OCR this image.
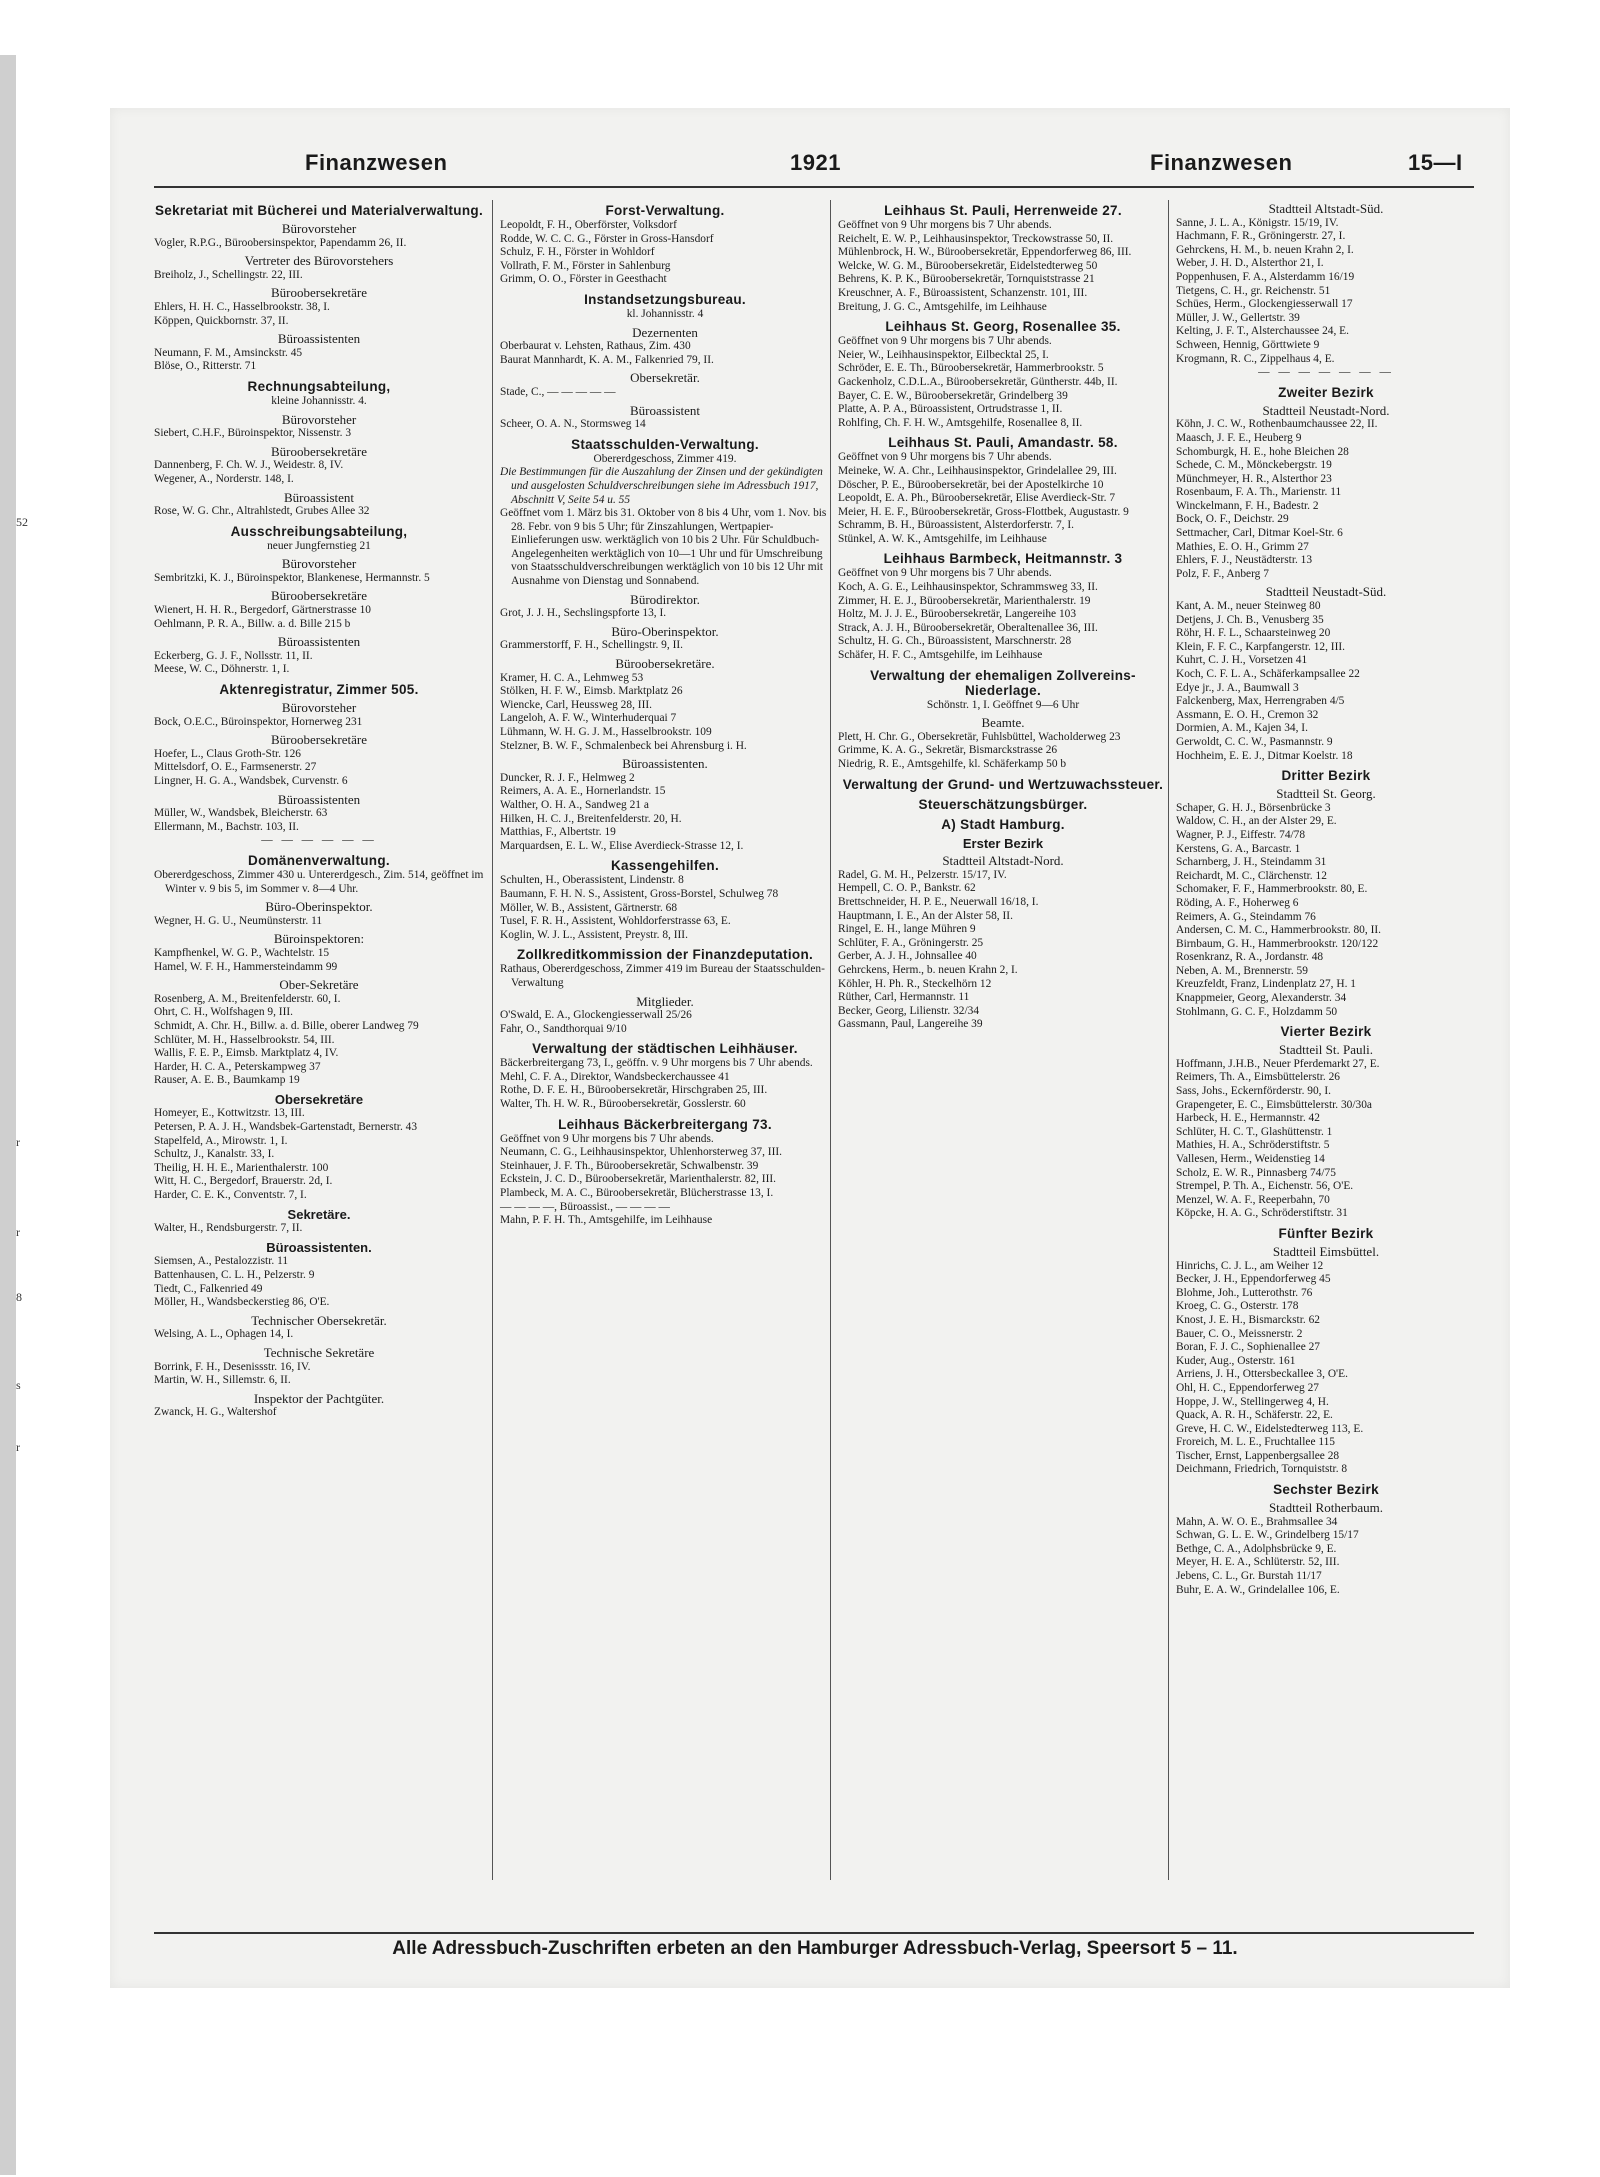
52
r
r
8
s
r
Finanzwesen	1921	Finanzwesen	15—I

Sekretariat mit Bücherei und Materialverwaltung.

Bürovorsteher

Vogler, R.P.G., Büroobersinspektor, Papendamm 26, II.

Vertreter des Bürovorstehers

Breiholz, J., Schellingstr. 22, III.

Büroobersekretäre

Ehlers, H. H. C., Hasselbrookstr. 38, I.

Köppen, Quickbornstr. 37, II.

Büroassistenten

Neumann, F. M., Amsinckstr. 45

Blöse, O., Ritterstr. 71

Rechnungsabteilung,

kleine Johannisstr. 4.

Bürovorsteher

Siebert, C.H.F., Büroinspektor, Nissenstr. 3

Büroobersekretäre

Dannenberg, F. Ch. W. J., Weidestr. 8, IV.

Wegener, A., Norderstr. 148, I.

Büroassistent

Rose, W. G. Chr., Altrahlstedt, Grubes Allee 32

Ausschreibungsabteilung,

neuer Jungfernstieg 21

Bürovorsteher

Sembritzki, K. J., Büroinspektor, Blankenese, Hermannstr. 5

Büroobersekretäre

Wienert, H. H. R., Bergedorf, Gärtnerstrasse 10

Oehlmann, P. R. A., Billw. a. d. Bille 215 b

Büroassistenten

Eckerberg, G. J. F., Nollsstr. 11, II.

Meese, W. C., Döhnerstr. 1, I.

Aktenregistratur, Zimmer 505.

Bürovorsteher

Bock, O.E.C., Büroinspektor, Hornerweg 231

Büroobersekretäre

Hoefer, L., Claus Groth-Str. 126

Mittelsdorf, O. E., Farmsenerstr. 27

Lingner, H. G. A., Wandsbek, Curvenstr. 6

Büroassistenten

Müller, W., Wandsbek, Bleicherstr. 63

Ellermann, M., Bachstr. 103, II.

— — — — — —

Domänenverwaltung.

Obererdgeschoss, Zimmer 430 u. Untererdgesch., Zim. 514, geöffnet im Winter v. 9 bis 5, im Sommer v. 8—4 Uhr.

Büro-Oberinspektor.

Wegner, H. G. U., Neumünsterstr. 11

Büroinspektoren:

Kampfhenkel, W. G. P., Wachtelstr. 15

Hamel, W. F. H., Hammersteindamm 99

Ober-Sekretäre

Rosenberg, A. M., Breitenfelderstr. 60, I.

Ohrt, C. H., Wolfshagen 9, III.

Schmidt, A. Chr. H., Billw. a. d. Bille, oberer Landweg 79

Schlüter, M. H., Hasselbrookstr. 54, III.

Wallis, F. E. P., Eimsb. Marktplatz 4, IV.

Harder, H. C. A., Peterskampweg 37

Rauser, A. E. B., Baumkamp 19

Obersekretäre

Homeyer, E., Kottwitzstr. 13, III.

Petersen, P. A. J. H., Wandsbek-Gartenstadt, Bernerstr. 43

Stapelfeld, A., Mirowstr. 1, I.

Schultz, J., Kanalstr. 33, I.

Theilig, H. H. E., Marienthalerstr. 100

Witt, H. C., Bergedorf, Brauerstr. 2d, I.

Harder, C. E. K., Conventstr. 7, I.

Sekretäre.

Walter, H., Rendsburgerstr. 7, II.

Büroassistenten.

Siemsen, A., Pestalozzistr. 11

Battenhausen, C. L. H., Pelzerstr. 9

Tiedt, C., Falkenried 49

Möller, H., Wandsbeckerstieg 86, O'E.

Technischer Obersekretär.

Welsing, A. L., Ophagen 14, I.

Technische Sekretäre

Borrink, F. H., Desenissstr. 16, IV.

Martin, W. H., Sillemstr. 6, II.

Inspektor der Pachtgüter.

Zwanck, H. G., Waltershof

Forst-Verwaltung.

Leopoldt, F. H., Oberförster, Volksdorf

Rodde, W. C. C. G., Förster in Gross-Hansdorf

Schulz, F. H., Förster in Wohldorf

Vollrath, F. M., Förster in Sahlenburg

Grimm, O. O., Förster in Geesthacht

Instandsetzungsbureau.

kl. Johannisstr. 4

Dezernenten

Oberbaurat v. Lehsten, Rathaus, Zim. 430

Baurat Mannhardt, K. A. M., Falkenried 79, II.

Obersekretär.

Stade, C., — — — — —

Büroassistent

Scheer, O. A. N., Stormsweg 14

Staatsschulden-Verwaltung.

Obererdgeschoss, Zimmer 419.

Die Bestimmungen für die Auszahlung der Zinsen und der gekündigten und ausgelosten Schuldverschreibungen siehe im Adressbuch 1917, Abschnitt V, Seite 54 u. 55

Geöffnet vom 1. März bis 31. Oktober von 8 bis 4 Uhr, vom 1. Nov. bis 28. Febr. von 9 bis 5 Uhr; für Zinszahlungen, Wertpapier-Einlieferungen usw. werktäglich von 10 bis 2 Uhr. Für Schuldbuch-Angelegenheiten werktäglich von 10—1 Uhr und für Umschreibung von Staatsschuldverschreibungen werktäglich von 10 bis 12 Uhr mit Ausnahme von Dienstag und Sonnabend.

Bürodirektor.

Grot, J. J. H., Sechslingspforte 13, I.

Büro-Oberinspektor.

Grammerstorff, F. H., Schellingstr. 9, II.

Büroobersekretäre.

Kramer, H. C. A., Lehmweg 53

Stölken, H. F. W., Eimsb. Marktplatz 26

Wiencke, Carl, Heussweg 28, III.

Langeloh, A. F. W., Winterhuderquai 7

Lühmann, W. H. G. J. M., Hasselbrookstr. 109

Stelzner, B. W. F., Schmalenbeck bei Ahrensburg i. H.

Büroassistenten.

Duncker, R. J. F., Helmweg 2

Reimers, A. A. E., Hornerlandstr. 15

Walther, O. H. A., Sandweg 21 a

Hilken, H. C. J., Breitenfelderstr. 20, H.

Matthias, F., Albertstr. 19

Marquardsen, E. L. W., Elise Averdieck-Strasse 12, I.

Kassengehilfen.

Schulten, H., Oberassistent, Lindenstr. 8

Baumann, F. H. N. S., Assistent, Gross-Borstel, Schulweg 78

Möller, W. B., Assistent, Gärtnerstr. 68

Tusel, F. R. H., Assistent, Wohldorferstrasse 63, E.

Koglin, W. J. L., Assistent, Preystr. 8, III.

Zollkreditkommission der Finanzdeputation.

Rathaus, Obererdgeschoss, Zimmer 419 im Bureau der Staatsschulden-Verwaltung

Mitglieder.

O'Swald, E. A., Glockengiesserwall 25/26

Fahr, O., Sandthorquai 9/10

Verwaltung der städtischen Leihhäuser.

Bäckerbreitergang 73, I., geöffn. v. 9 Uhr morgens bis 7 Uhr abends.

Mehl, C. F. A., Direktor, Wandsbeckerchaussee 41

Rothe, D. F. E. H., Büroobersekretär, Hirschgraben 25, III.

Walter, Th. H. W. R., Büroobersekretär, Gosslerstr. 60

Leihhaus Bäckerbreitergang 73.

Geöffnet von 9 Uhr morgens bis 7 Uhr abends.

Neumann, C. G., Leihhausinspektor, Uhlenhorsterweg 37, III.

Steinhauer, J. F. Th., Büroobersekretär, Schwalbenstr. 39

Eckstein, J. C. D., Büroobersekretär, Marienthalerstr. 82, III.

Plambeck, M. A. C., Büroobersekretär, Blücherstrasse 13, I.

— — — —, Büroassist., — — — —

Mahn, P. F. H. Th., Amtsgehilfe, im Leihhause

Leihhaus St. Pauli, Herrenweide 27.

Geöffnet von 9 Uhr morgens bis 7 Uhr abends.

Reichelt, E. W. P., Leihhausinspektor, Treckowstrasse 50, II.

Mühlenbrock, H. W., Büroobersekretär, Eppendorferweg 86, III.

Welcke, W. G. M., Büroobersekretär, Eidelstedterweg 50

Behrens, K. P. K., Büroobersekretär, Tornquiststrasse 21

Kreuschner, A. F., Büroassistent, Schanzenstr. 101, III.

Breitung, J. G. C., Amtsgehilfe, im Leihhause

Leihhaus St. Georg, Rosenallee 35.

Geöffnet von 9 Uhr morgens bis 7 Uhr abends.

Neier, W., Leihhausinspektor, Eilbecktal 25, I.

Schröder, E. E. Th., Büroobersekretär, Hammerbrookstr. 5

Gackenholz, C.D.L.A., Büroobersekretär, Güntherstr. 44b, II.

Bayer, C. E. W., Büroobersekretär, Grindelberg 39

Platte, A. P. A., Büroassistent, Ortrudstrasse 1, II.

Rohlfing, Ch. F. H. W., Amtsgehilfe, Rosenallee 8, II.

Leihhaus St. Pauli, Amandastr. 58.

Geöffnet von 9 Uhr morgens bis 7 Uhr abends.

Meineke, W. A. Chr., Leihhausinspektor, Grindelallee 29, III.

Döscher, P. E., Büroobersekretär, bei der Apostelkirche 10

Leopoldt, E. A. Ph., Büroobersekretär, Elise Averdieck-Str. 7

Meier, H. E. F., Büroobersekretär, Gross-Flottbek, Augustastr. 9

Schramm, B. H., Büroassistent, Alsterdorferstr. 7, I.

Stünkel, A. W. K., Amtsgehilfe, im Leihhause

Leihhaus Barmbeck, Heitmannstr. 3

Geöffnet von 9 Uhr morgens bis 7 Uhr abends.

Koch, A. G. E., Leihhausinspektor, Schrammsweg 33, II.

Zimmer, H. E. J., Büroobersekretär, Marienthalerstr. 19

Holtz, M. J. J. E., Büroobersekretär, Langereihe 103

Strack, A. J. H., Büroobersekretär, Oberaltenallee 36, III.

Schultz, H. G. Ch., Büroassistent, Marschnerstr. 28

Schäfer, H. F. C., Amtsgehilfe, im Leihhause

Verwaltung der ehemaligen Zollvereins-Niederlage.

Schönstr. 1, I. Geöffnet 9—6 Uhr

Beamte.

Plett, H. Chr. G., Obersekretär, Fuhlsbüttel, Wacholderweg 23

Grimme, K. A. G., Sekretär, Bismarckstrasse 26

Niedrig, R. E., Amtsgehilfe, kl. Schäferkamp 50 b

Verwaltung der Grund- und Wertzuwachssteuer.

Steuerschätzungsbürger.

A) Stadt Hamburg.

Erster Bezirk

Stadtteil Altstadt-Nord.

Radel, G. M. H., Pelzerstr. 15/17, IV.

Hempell, C. O. P., Bankstr. 62

Brettschneider, H. P. E., Neuerwall 16/18, I.

Hauptmann, I. E., An der Alster 58, II.

Ringel, E. H., lange Mühren 9

Schlüter, F. A., Gröningerstr. 25

Gerber, A. J. H., Johnsallee 40

Gehrckens, Herm., b. neuen Krahn 2, I.

Köhler, H. Ph. R., Steckelhörn 12

Rüther, Carl, Hermannstr. 11

Becker, Georg, Lilienstr. 32/34

Gassmann, Paul, Langereihe 39

Stadtteil Altstadt-Süd.

Sanne, J. L. A., Königstr. 15/19, IV.

Hachmann, F. R., Gröningerstr. 27, I.

Gehrckens, H. M., b. neuen Krahn 2, I.

Weber, J. H. D., Alsterthor 21, I.

Poppenhusen, F. A., Alsterdamm 16/19

Tietgens, C. H., gr. Reichenstr. 51

Schües, Herm., Glockengiesserwall 17

Müller, J. W., Gellertstr. 39

Kelting, J. F. T., Alsterchaussee 24, E.

Schween, Hennig, Görttwiete 9

Krogmann, R. C., Zippelhaus 4, E.

— — — — — — —

Zweiter Bezirk

Stadtteil Neustadt-Nord.

Köhn, J. C. W., Rothenbaumchaussee 22, II.

Maasch, J. F. E., Heuberg 9

Schomburgk, H. E., hohe Bleichen 28

Schede, C. M., Mönckebergstr. 19

Münchmeyer, H. R., Alsterthor 23

Rosenbaum, F. A. Th., Marienstr. 11

Winckelmann, F. H., Badestr. 2

Bock, O. F., Deichstr. 29

Settmacher, Carl, Ditmar Koel-Str. 6

Mathies, E. O. H., Grimm 27

Ehlers, F. J., Neustädterstr. 13

Polz, F. F., Anberg 7

Stadtteil Neustadt-Süd.

Kant, A. M., neuer Steinweg 80

Detjens, J. Ch. B., Venusberg 35

Röhr, H. F. L., Schaarsteinweg 20

Klein, F. F. C., Karpfangerstr. 12, III.

Kuhrt, C. J. H., Vorsetzen 41

Koch, C. F. L. A., Schäferkampsallee 22

Edye jr., J. A., Baumwall 3

Falckenberg, Max, Herrengraben 4/5

Assmann, E. O. H., Cremon 32

Dormien, A. M., Kajen 34, I.

Gerwoldt, C. C. W., Pasmannstr. 9

Hochheim, E. E. J., Ditmar Koelstr. 18

Dritter Bezirk

Stadtteil St. Georg.

Schaper, G. H. J., Börsenbrücke 3

Waldow, C. H., an der Alster 29, E.

Wagner, P. J., Eiffestr. 74/78

Kerstens, G. A., Barcastr. 1

Scharnberg, J. H., Steindamm 31

Reichardt, M. C., Clärchenstr. 12

Schomaker, F. F., Hammerbrookstr. 80, E.

Röding, A. F., Hoherweg 6

Reimers, A. G., Steindamm 76

Andersen, C. M. C., Hammerbrookstr. 80, II.

Birnbaum, G. H., Hammerbrookstr. 120/122

Rosenkranz, R. A., Jordanstr. 48

Neben, A. M., Brennerstr. 59

Kreuzfeldt, Franz, Lindenplatz 27, H. 1

Knappmeier, Georg, Alexanderstr. 34

Stohlmann, G. C. F., Holzdamm 50

Vierter Bezirk

Stadtteil St. Pauli.

Hoffmann, J.H.B., Neuer Pferdemarkt 27, E.

Reimers, Th. A., Eimsbüttelerstr. 26

Sass, Johs., Eckernförderstr. 90, I.

Grapengeter, E. C., Eimsbüttelerstr. 30/30a

Harbeck, H. E., Hermannstr. 42

Schlüter, H. C. T., Glashüttenstr. 1

Mathies, H. A., Schröderstiftstr. 5

Vallesen, Herm., Weidenstieg 14

Scholz, E. W. R., Pinnasberg 74/75

Strempel, P. Th. A., Eichenstr. 56, O'E.

Menzel, W. A. F., Reeperbahn, 70

Köpcke, H. A. G., Schröderstiftstr. 31

Fünfter Bezirk

Stadtteil Eimsbüttel.

Hinrichs, C. J. L., am Weiher 12

Becker, J. H., Eppendorferweg 45

Blohme, Joh., Lutterothstr. 76

Kroeg, C. G., Osterstr. 178

Knost, J. E. H., Bismarckstr. 62

Bauer, C. O., Meissnerstr. 2

Boran, F. J. C., Sophienallee 27

Kuder, Aug., Osterstr. 161

Arriens, J. H., Ottersbeckallee 3, O'E.

Ohl, H. C., Eppendorferweg 27

Hoppe, J. W., Stellingerweg 4, H.

Quack, A. R. H., Schäferstr. 22, E.

Greve, H. C. W., Eidelstedterweg 113, E.

Froreich, M. L. E., Fruchtallee 115

Tischer, Ernst, Lappenbergsallee 28

Deichmann, Friedrich, Tornquiststr. 8

Sechster Bezirk

Stadtteil Rotherbaum.

Mahn, A. W. O. E., Brahmsallee 34

Schwan, G. L. E. W., Grindelberg 15/17

Bethge, C. A., Adolphsbrücke 9, E.

Meyer, H. E. A., Schlüterstr. 52, III.

Jebens, C. L., Gr. Burstah 11/17

Buhr, E. A. W., Grindelallee 106, E.

Alle Adressbuch-Zuschriften erbeten an den Hamburger Adressbuch-Verlag, Speersort 5 – 11.
